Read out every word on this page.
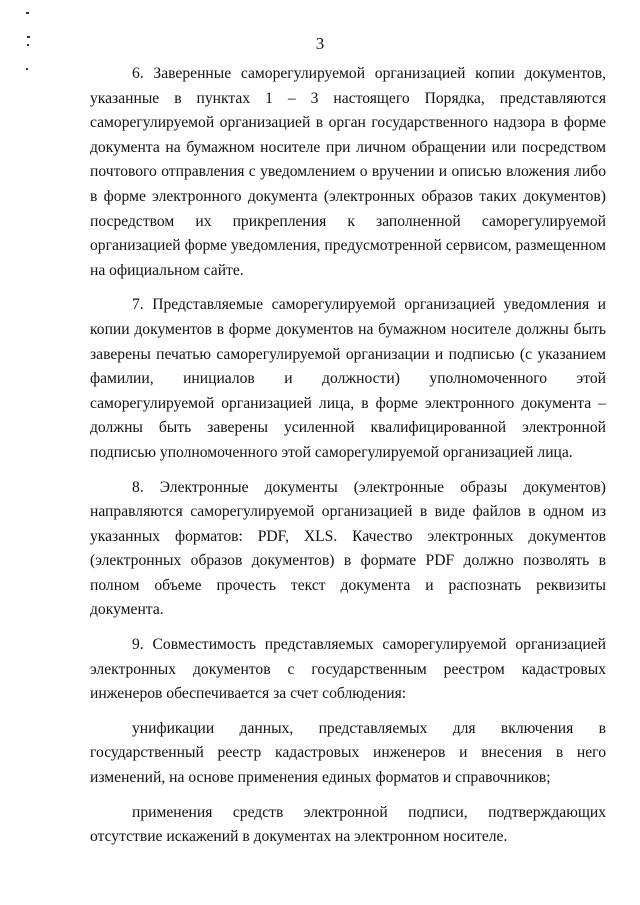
3

6. Заверенные саморегулируемой организацией копии документов, указанные в пунктах 1 – 3 настоящего Порядка, представляются саморегулируемой организацией в орган государственного надзора в форме документа на бумажном носителе при личном обращении или посредством почтового отправления с уведомлением о вручении и описью вложения либо в форме электронного документа (электронных образов таких документов) посредством их прикрепления к заполненной саморегулируемой организацией форме уведомления, предусмотренной сервисом, размещенном на официальном сайте.

7. Представляемые саморегулируемой организацией уведомления и копии документов в форме документов на бумажном носителе должны быть заверены печатью саморегулируемой организации и подписью (с указанием фамилии, инициалов и должности) уполномоченного этой саморегулируемой организацией лица, в форме электронного документа – должны быть заверены усиленной квалифицированной электронной подписью уполномоченного этой саморегулируемой организацией лица.

8. Электронные документы (электронные образы документов) направляются саморегулируемой организацией в виде файлов в одном из указанных форматов: PDF, XLS. Качество электронных документов (электронных образов документов) в формате PDF должно позволять в полном объеме прочесть текст документа и распознать реквизиты документа.

9. Совместимость представляемых саморегулируемой организацией электронных документов с государственным реестром кадастровых инженеров обеспечивается за счет соблюдения:

унификации данных, представляемых для включения в государственный реестр кадастровых инженеров и внесения в него изменений, на основе применения единых форматов и справочников;

применения средств электронной подписи, подтверждающих отсутствие искажений в документах на электронном носителе.
